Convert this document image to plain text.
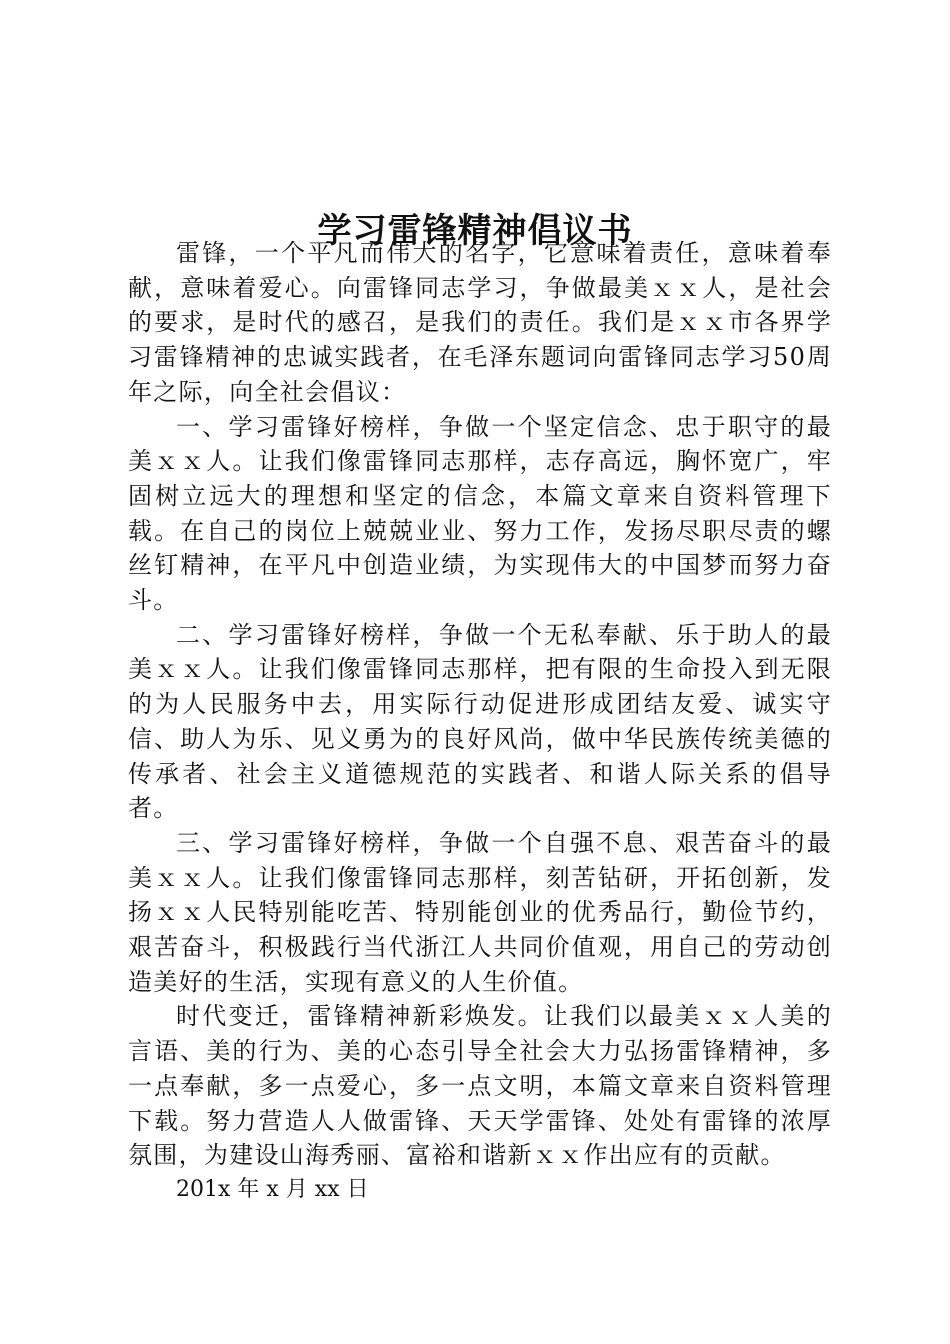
学习雷锋精神倡议书

雷锋，一个平凡而伟大的名字，它意味着责任，意味着奉献，意味着爱心。向雷锋同志学习，争做最美ｘｘ人，是社会的要求，是时代的感召，是我们的责任。我们是ｘｘ市各界学习雷锋精神的忠诚实践者，在毛泽东题词向雷锋同志学习50周年之际，向全社会倡议：

一、学习雷锋好榜样，争做一个坚定信念、忠于职守的最美ｘｘ人。让我们像雷锋同志那样，志存高远，胸怀宽广，牢固树立远大的理想和坚定的信念，本篇文章来自资料管理下载。在自己的岗位上兢兢业业、努力工作，发扬尽职尽责的螺丝钉精神，在平凡中创造业绩，为实现伟大的中国梦而努力奋斗。

二、学习雷锋好榜样，争做一个无私奉献、乐于助人的最美ｘｘ人。让我们像雷锋同志那样，把有限的生命投入到无限的为人民服务中去，用实际行动促进形成团结友爱、诚实守信、助人为乐、见义勇为的良好风尚，做中华民族传统美德的传承者、社会主义道德规范的实践者、和谐人际关系的倡导者。

三、学习雷锋好榜样，争做一个自强不息、艰苦奋斗的最美ｘｘ人。让我们像雷锋同志那样，刻苦钻研，开拓创新，发扬ｘｘ人民特别能吃苦、特别能创业的优秀品行，勤俭节约，艰苦奋斗，积极践行当代浙江人共同价值观，用自己的劳动创造美好的生活，实现有意义的人生价值。

时代变迁，雷锋精神新彩焕发。让我们以最美ｘｘ人美的言语、美的行为、美的心态引导全社会大力弘扬雷锋精神，多一点奉献，多一点爱心，多一点文明，本篇文章来自资料管理下载。努力营造人人做雷锋、天天学雷锋、处处有雷锋的浓厚氛围，为建设山海秀丽、富裕和谐新ｘｘ作出应有的贡献。

201x 年 x 月 xx 日
